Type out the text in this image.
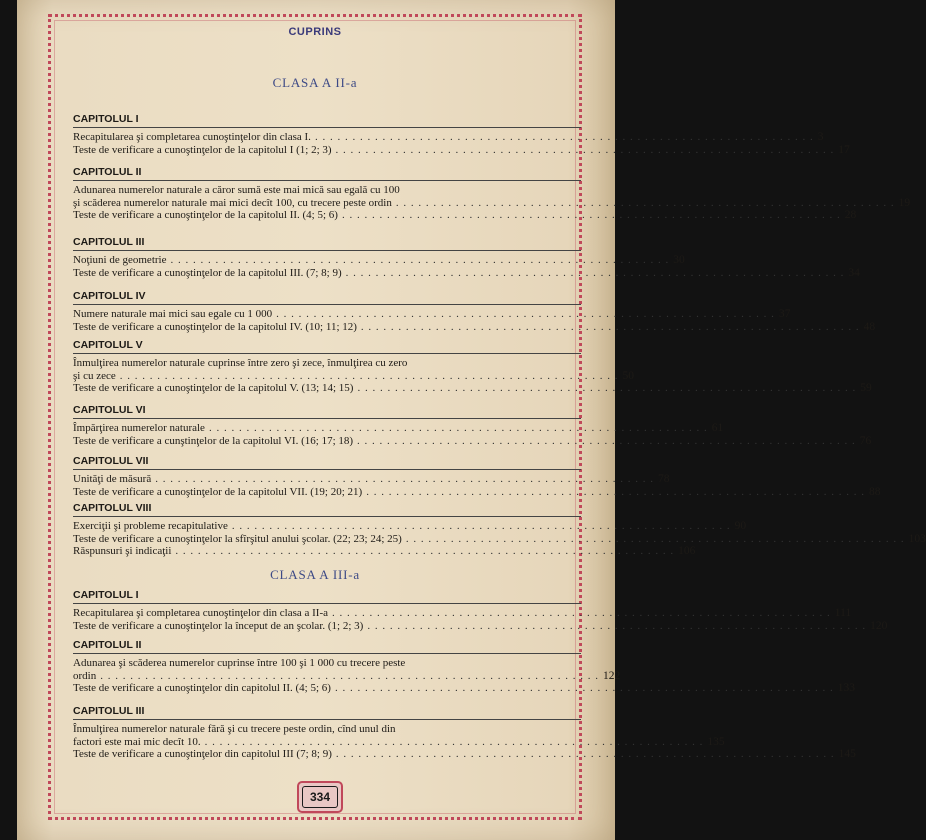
CUPRINS
CLASA A II-a
CAPITOLUL I
Recapitularea şi completarea cunoştinţelor din clasa I. . . . . . . . . . . . . . . . . . . . . . . . . . . . . . . . . . . . . . . . . . . . . . . . . . . . . . . . . . . . . . . . . . . . 3
Teste de verificare a cunoştinţelor de la capitolul I (1; 2; 3) . . . . . . . . . . . . . . . . . . . . . . . . . . . . . . . . . . . . . . . . . . . . . . . . . . . . . . . . . . . . . . . . . . . 17
CAPITOLUL II
Adunarea numerelor naturale a căror sumă este mai mică sau egală cu 100
şi scăderea numerelor naturale mai mici decît 100, cu trecere peste ordin . . . . . . . . . . . . . . . . . . . . . . . . . . . . . . . . . . . . . . . . . . . . . . . . . . . . . . . . . . . . . . . . . . . 19
Teste de verificare a cunoştinţelor de la capitolul II. (4; 5; 6) . . . . . . . . . . . . . . . . . . . . . . . . . . . . . . . . . . . . . . . . . . . . . . . . . . . . . . . . . . . . . . . . . . . 28
CAPITOLUL III
Noţiuni de geometrie . . . . . . . . . . . . . . . . . . . . . . . . . . . . . . . . . . . . . . . . . . . . . . . . . . . . . . . . . . . . . . . . . . . 30
Teste de verificare a cunoştinţelor de la capitolul III. (7; 8; 9) . . . . . . . . . . . . . . . . . . . . . . . . . . . . . . . . . . . . . . . . . . . . . . . . . . . . . . . . . . . . . . . . . . . 34
CAPITOLUL IV
Numere naturale mai mici sau egale cu 1 000 . . . . . . . . . . . . . . . . . . . . . . . . . . . . . . . . . . . . . . . . . . . . . . . . . . . . . . . . . . . . . . . . . . . 37
Teste de verificare a cunoştinţelor de la capitolul IV. (10; 11; 12) . . . . . . . . . . . . . . . . . . . . . . . . . . . . . . . . . . . . . . . . . . . . . . . . . . . . . . . . . . . . . . . . . . . 48
CAPITOLUL V
Înmulţirea numerelor naturale cuprinse între zero şi zece, înmulţirea cu zero
şi cu zece . . . . . . . . . . . . . . . . . . . . . . . . . . . . . . . . . . . . . . . . . . . . . . . . . . . . . . . . . . . . . . . . . . . 50
Teste de verificare a cunoştinţelor de la capitolul V. (13; 14; 15) . . . . . . . . . . . . . . . . . . . . . . . . . . . . . . . . . . . . . . . . . . . . . . . . . . . . . . . . . . . . . . . . . . . 59
CAPITOLUL VI
Împărţirea numerelor naturale . . . . . . . . . . . . . . . . . . . . . . . . . . . . . . . . . . . . . . . . . . . . . . . . . . . . . . . . . . . . . . . . . . . 61
Teste de verificare a cunştinţelor de la capitolul VI. (16; 17; 18) . . . . . . . . . . . . . . . . . . . . . . . . . . . . . . . . . . . . . . . . . . . . . . . . . . . . . . . . . . . . . . . . . . . 76
CAPITOLUL VII
Unităţi de măsură . . . . . . . . . . . . . . . . . . . . . . . . . . . . . . . . . . . . . . . . . . . . . . . . . . . . . . . . . . . . . . . . . . . 78
Teste de verificare a cunoştinţelor de la capitolul VII. (19; 20; 21) . . . . . . . . . . . . . . . . . . . . . . . . . . . . . . . . . . . . . . . . . . . . . . . . . . . . . . . . . . . . . . . . . . . 88
CAPITOLUL VIII
Exerciţii şi probleme recapitulative . . . . . . . . . . . . . . . . . . . . . . . . . . . . . . . . . . . . . . . . . . . . . . . . . . . . . . . . . . . . . . . . . . . 90
Teste de verificare a cunoştinţelor la sfîrşitul anului şcolar. (22; 23; 24; 25) . . . . . . . . . . . . . . . . . . . . . . . . . . . . . . . . . . . . . . . . . . . . . . . . . . . . . . . . . . . . . . . . . . . 103
Răspunsuri şi indicaţii . . . . . . . . . . . . . . . . . . . . . . . . . . . . . . . . . . . . . . . . . . . . . . . . . . . . . . . . . . . . . . . . . . . 106
CLASA A III-a
CAPITOLUL I
Recapitularea şi completarea cunoştinţelor din clasa a II-a . . . . . . . . . . . . . . . . . . . . . . . . . . . . . . . . . . . . . . . . . . . . . . . . . . . . . . . . . . . . . . . . . . . 111
Teste de verificare a cunoştinţelor la început de an şcolar. (1; 2; 3) . . . . . . . . . . . . . . . . . . . . . . . . . . . . . . . . . . . . . . . . . . . . . . . . . . . . . . . . . . . . . . . . . . . 120
CAPITOLUL II
Adunarea şi scăderea numerelor cuprinse între 100 şi 1 000 cu trecere peste
ordin . . . . . . . . . . . . . . . . . . . . . . . . . . . . . . . . . . . . . . . . . . . . . . . . . . . . . . . . . . . . . . . . . . . 122
Teste de verificare a cunoştinţelor din capitolul II. (4; 5; 6) . . . . . . . . . . . . . . . . . . . . . . . . . . . . . . . . . . . . . . . . . . . . . . . . . . . . . . . . . . . . . . . . . . . 133
CAPITOLUL III
Înmulţirea numerelor naturale fără şi cu trecere peste ordin, cînd unul din
factori este mai mic decît 10. . . . . . . . . . . . . . . . . . . . . . . . . . . . . . . . . . . . . . . . . . . . . . . . . . . . . . . . . . . . . . . . . . . . 135
Teste de verificare a cunoştinţelor din capitolul III (7; 8; 9) . . . . . . . . . . . . . . . . . . . . . . . . . . . . . . . . . . . . . . . . . . . . . . . . . . . . . . . . . . . . . . . . . . . 145
334
